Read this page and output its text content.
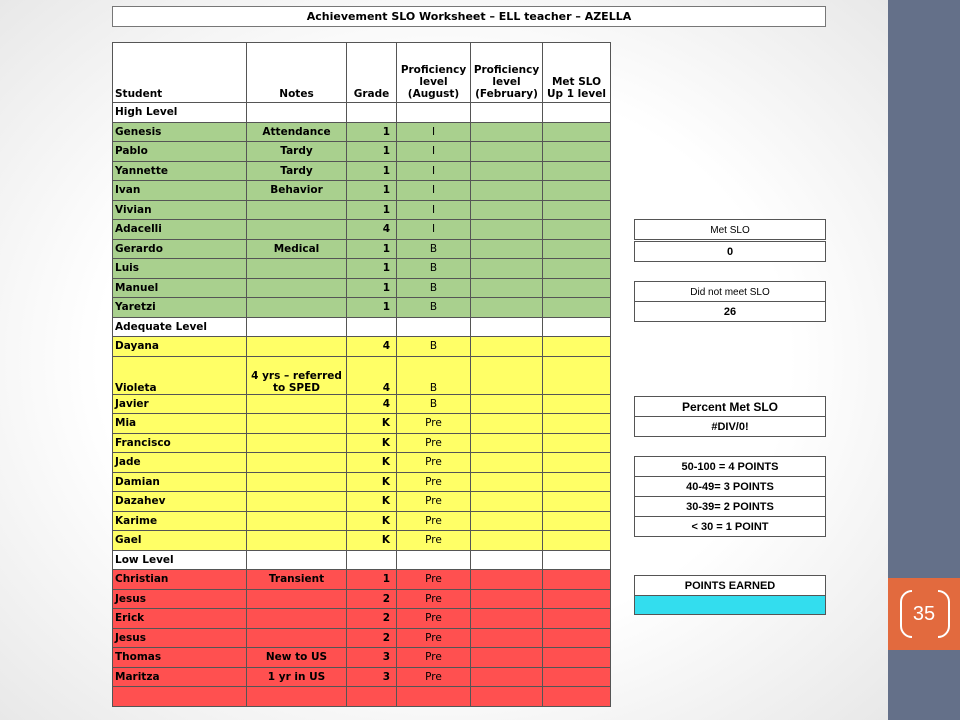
35
Achievement SLO Worksheet – ELL teacher – AZELLA
Student	Notes	Grade	Proficiency level (August)	Proficiency level (February)	Met SLO Up 1 level
High Level					
Genesis	Attendance	1	I		
Pablo	Tardy	1	I		
Yannette	Tardy	1	I		
Ivan	Behavior	1	I		
Vivian		1	I		
Adacelli		4	I		
Gerardo	Medical	1	B		
Luis		1	B		
Manuel		1	B		
Yaretzi		1	B		
Adequate Level					
Dayana		4	B		
Violeta	4 yrs – referred to SPED	4	B		
Javier		4	B		
Mia		K	Pre		
Francisco		K	Pre		
Jade		K	Pre		
Damian		K	Pre		
Dazahev		K	Pre		
Karime		K	Pre		
Gael		K	Pre		
Low Level					
Christian	Transient	1	Pre		
Jesus		2	Pre		
Erick		2	Pre		
Jesus		2	Pre		
Thomas	New to US	3	Pre		
Maritza	1 yr in US	3	Pre		

Met SLO
0
Did not meet SLO
26
Percent Met SLO
#DIV/0!
50-100 = 4 POINTS
40-49= 3 POINTS
30-39= 2 POINTS
< 30 = 1 POINT
POINTS EARNED
